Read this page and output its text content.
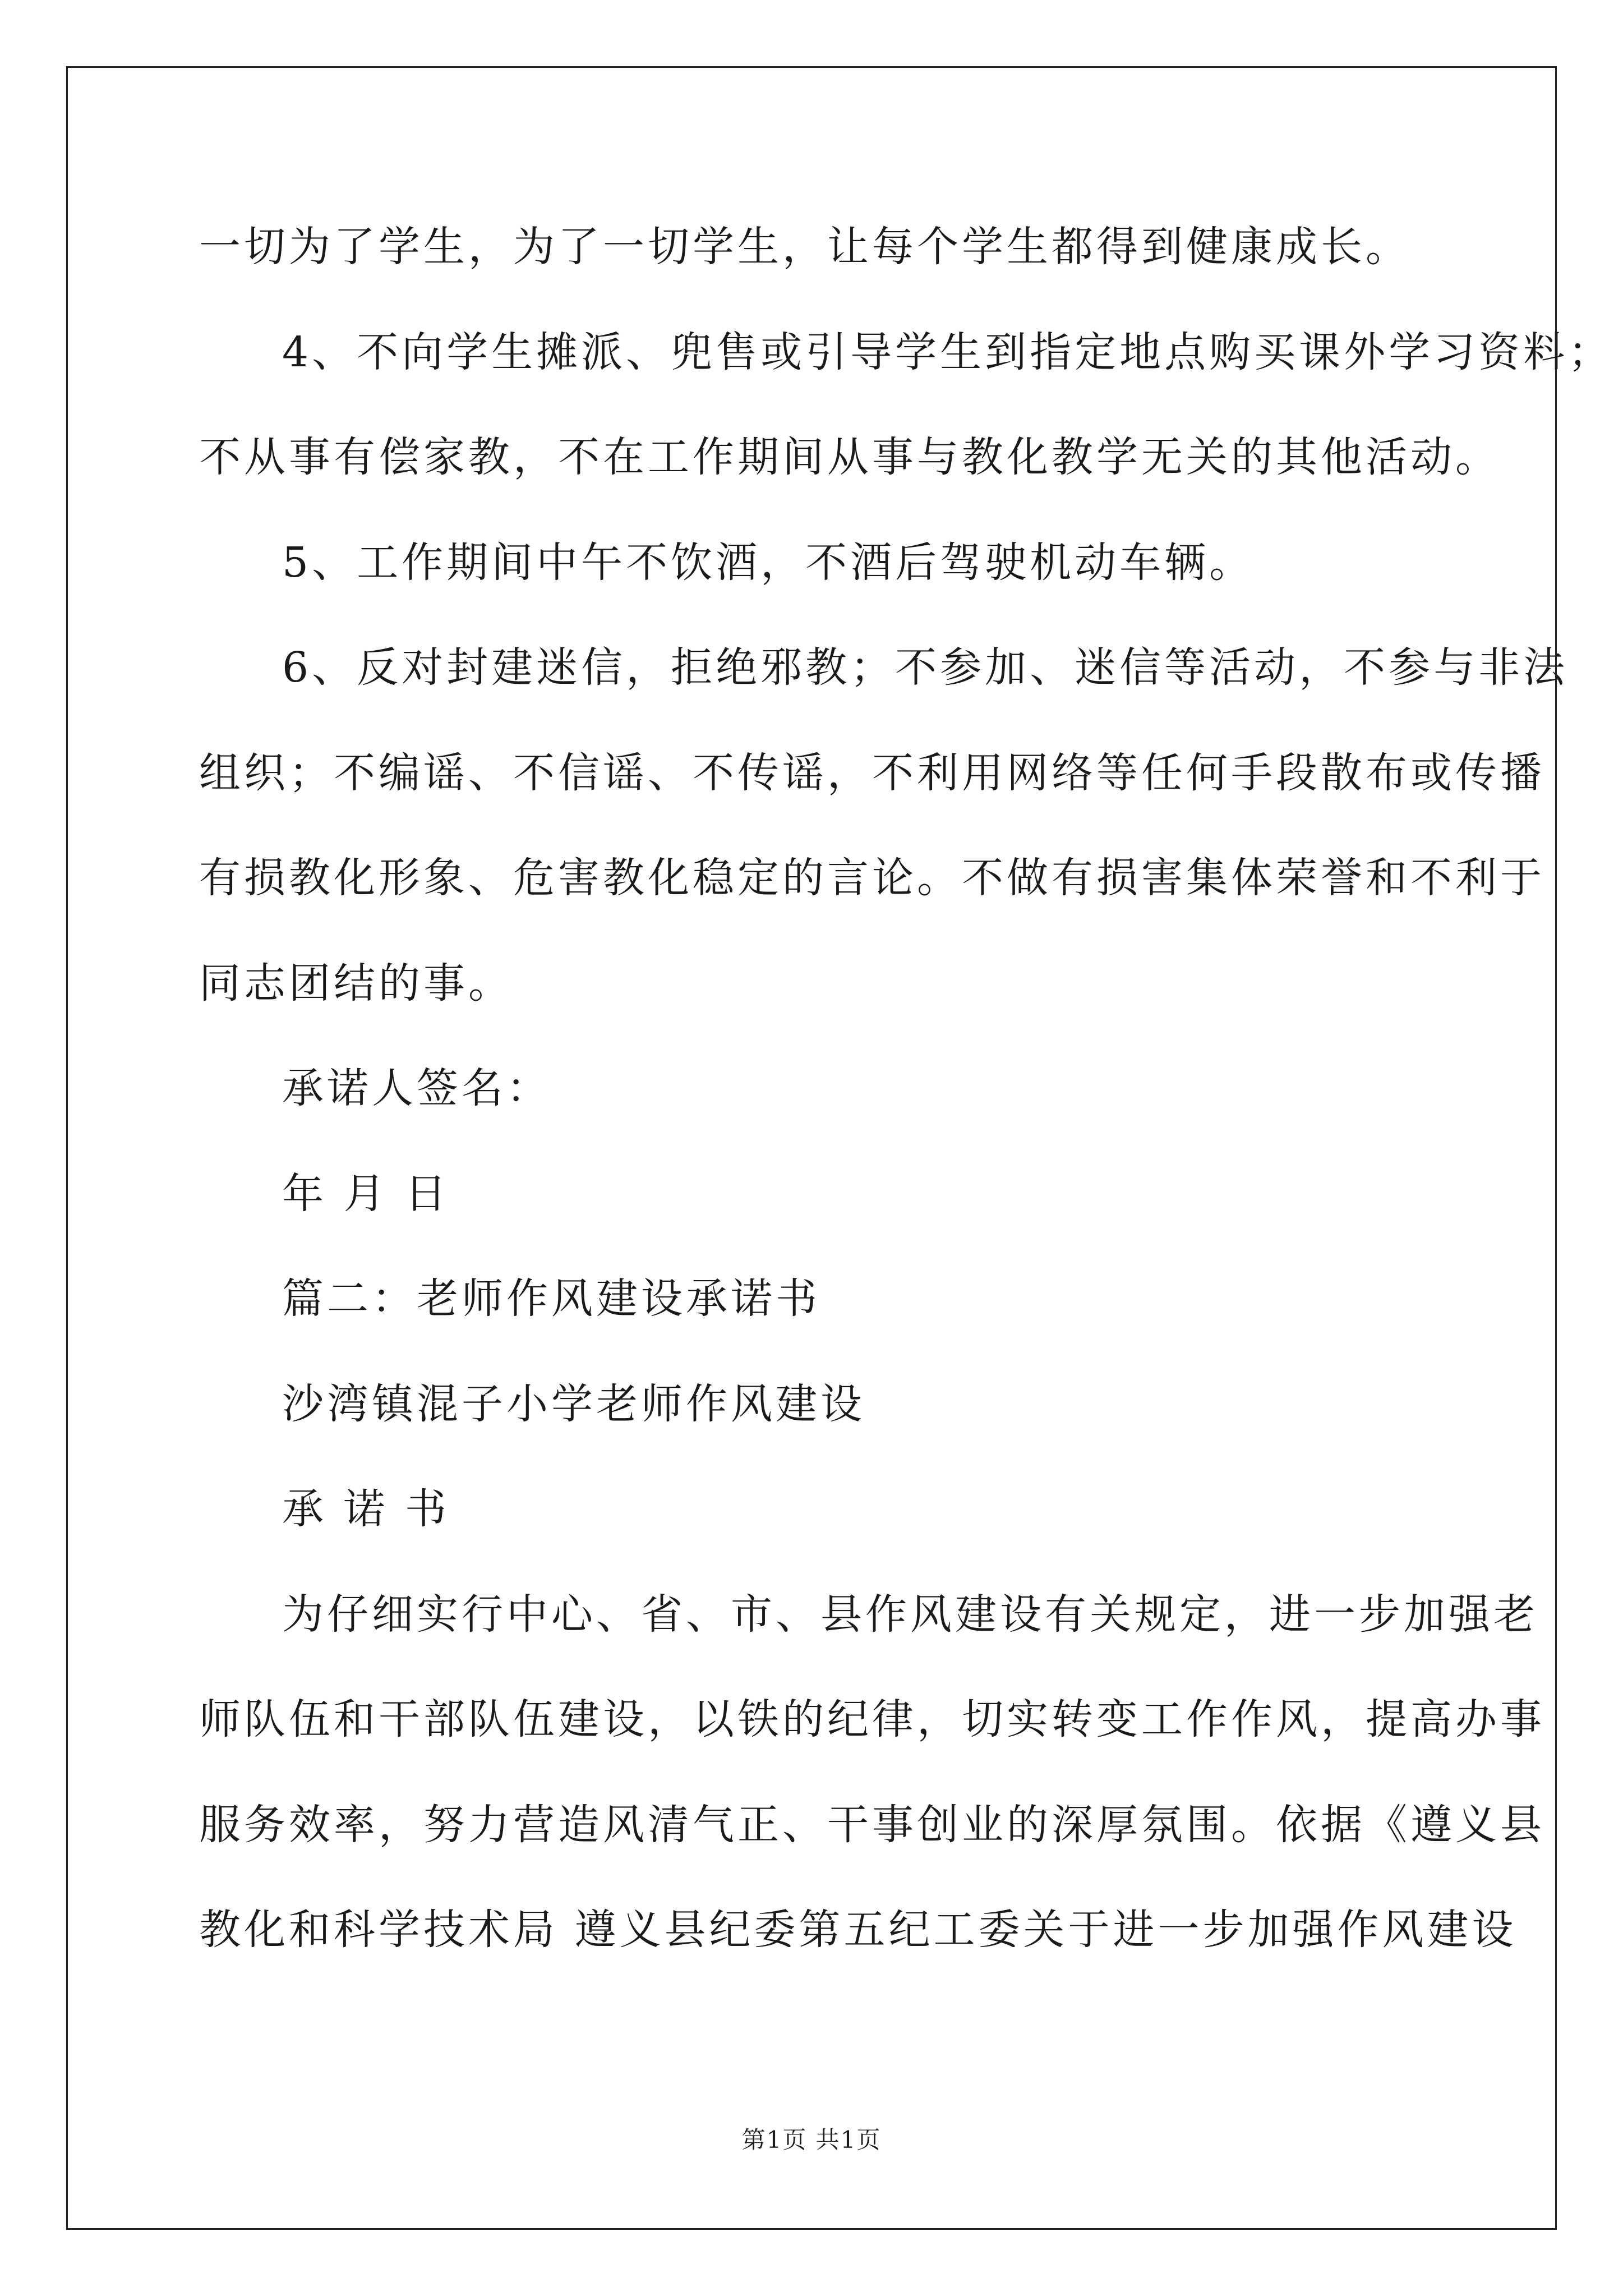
一切为了学生，为了一切学生，让每个学生都得到健康成长。
4、不向学生摊派、兜售或引导学生到指定地点购买课外学习资料；
不从事有偿家教，不在工作期间从事与教化教学无关的其他活动。
5、工作期间中午不饮酒，不酒后驾驶机动车辆。
6、反对封建迷信，拒绝邪教；不参加、迷信等活动，不参与非法
组织；不编谣、不信谣、不传谣，不利用网络等任何手段散布或传播
有损教化形象、危害教化稳定的言论。不做有损害集体荣誉和不利于
同志团结的事。
承诺人签名：
年 月 日
篇二：老师作风建设承诺书
沙湾镇混子小学老师作风建设
承 诺 书
为仔细实行中心、省、市、县作风建设有关规定，进一步加强老
师队伍和干部队伍建设，以铁的纪律，切实转变工作作风，提高办事
服务效率，努力营造风清气正、干事创业的深厚氛围。依据《遵义县
教化和科学技术局 遵义县纪委第五纪工委关于进一步加强作风建设
第1页 共1页
